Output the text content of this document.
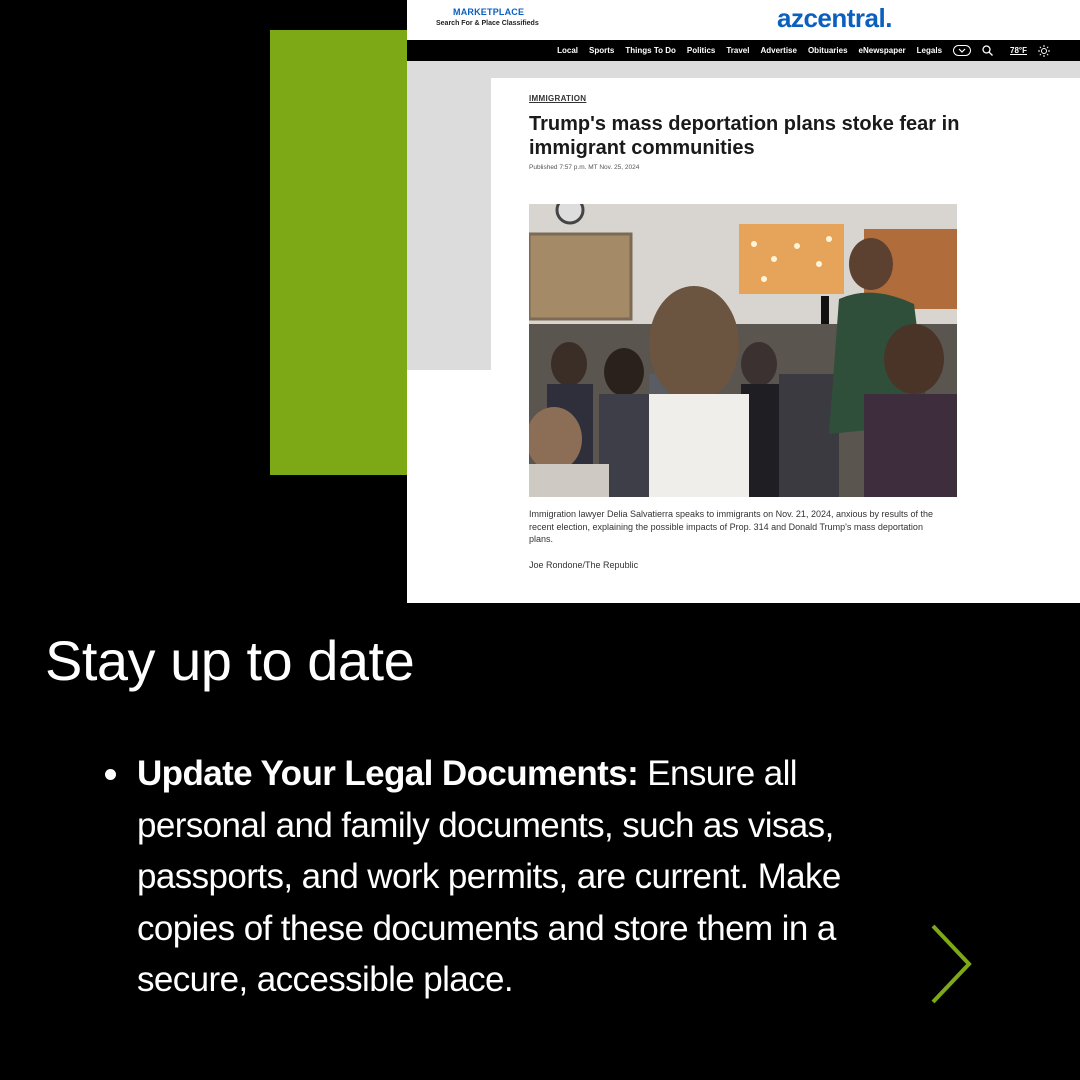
MARKETPLACE
Search For & Place Classifieds	azcentral.
Local Sports Things To Do Politics Travel Advertise Obituaries eNewspaper Legals	78°F
IMMIGRATION
Trump's mass deportation plans stoke fear in immigrant communities
Published 7:57 p.m. MT Nov. 25, 2024
Immigration lawyer Delia Salvatierra speaks to immigrants on Nov. 21, 2024, anxious by results of the recent election, explaining the possible impacts of Prop. 314 and Donald Trump's mass deportation plans.
Joe Rondone/The Republic
Stay up to date
Update Your Legal Documents: Ensure all personal and family documents, such as visas, passports, and work permits, are current. Make copies of these documents and store them in a secure, accessible place.
